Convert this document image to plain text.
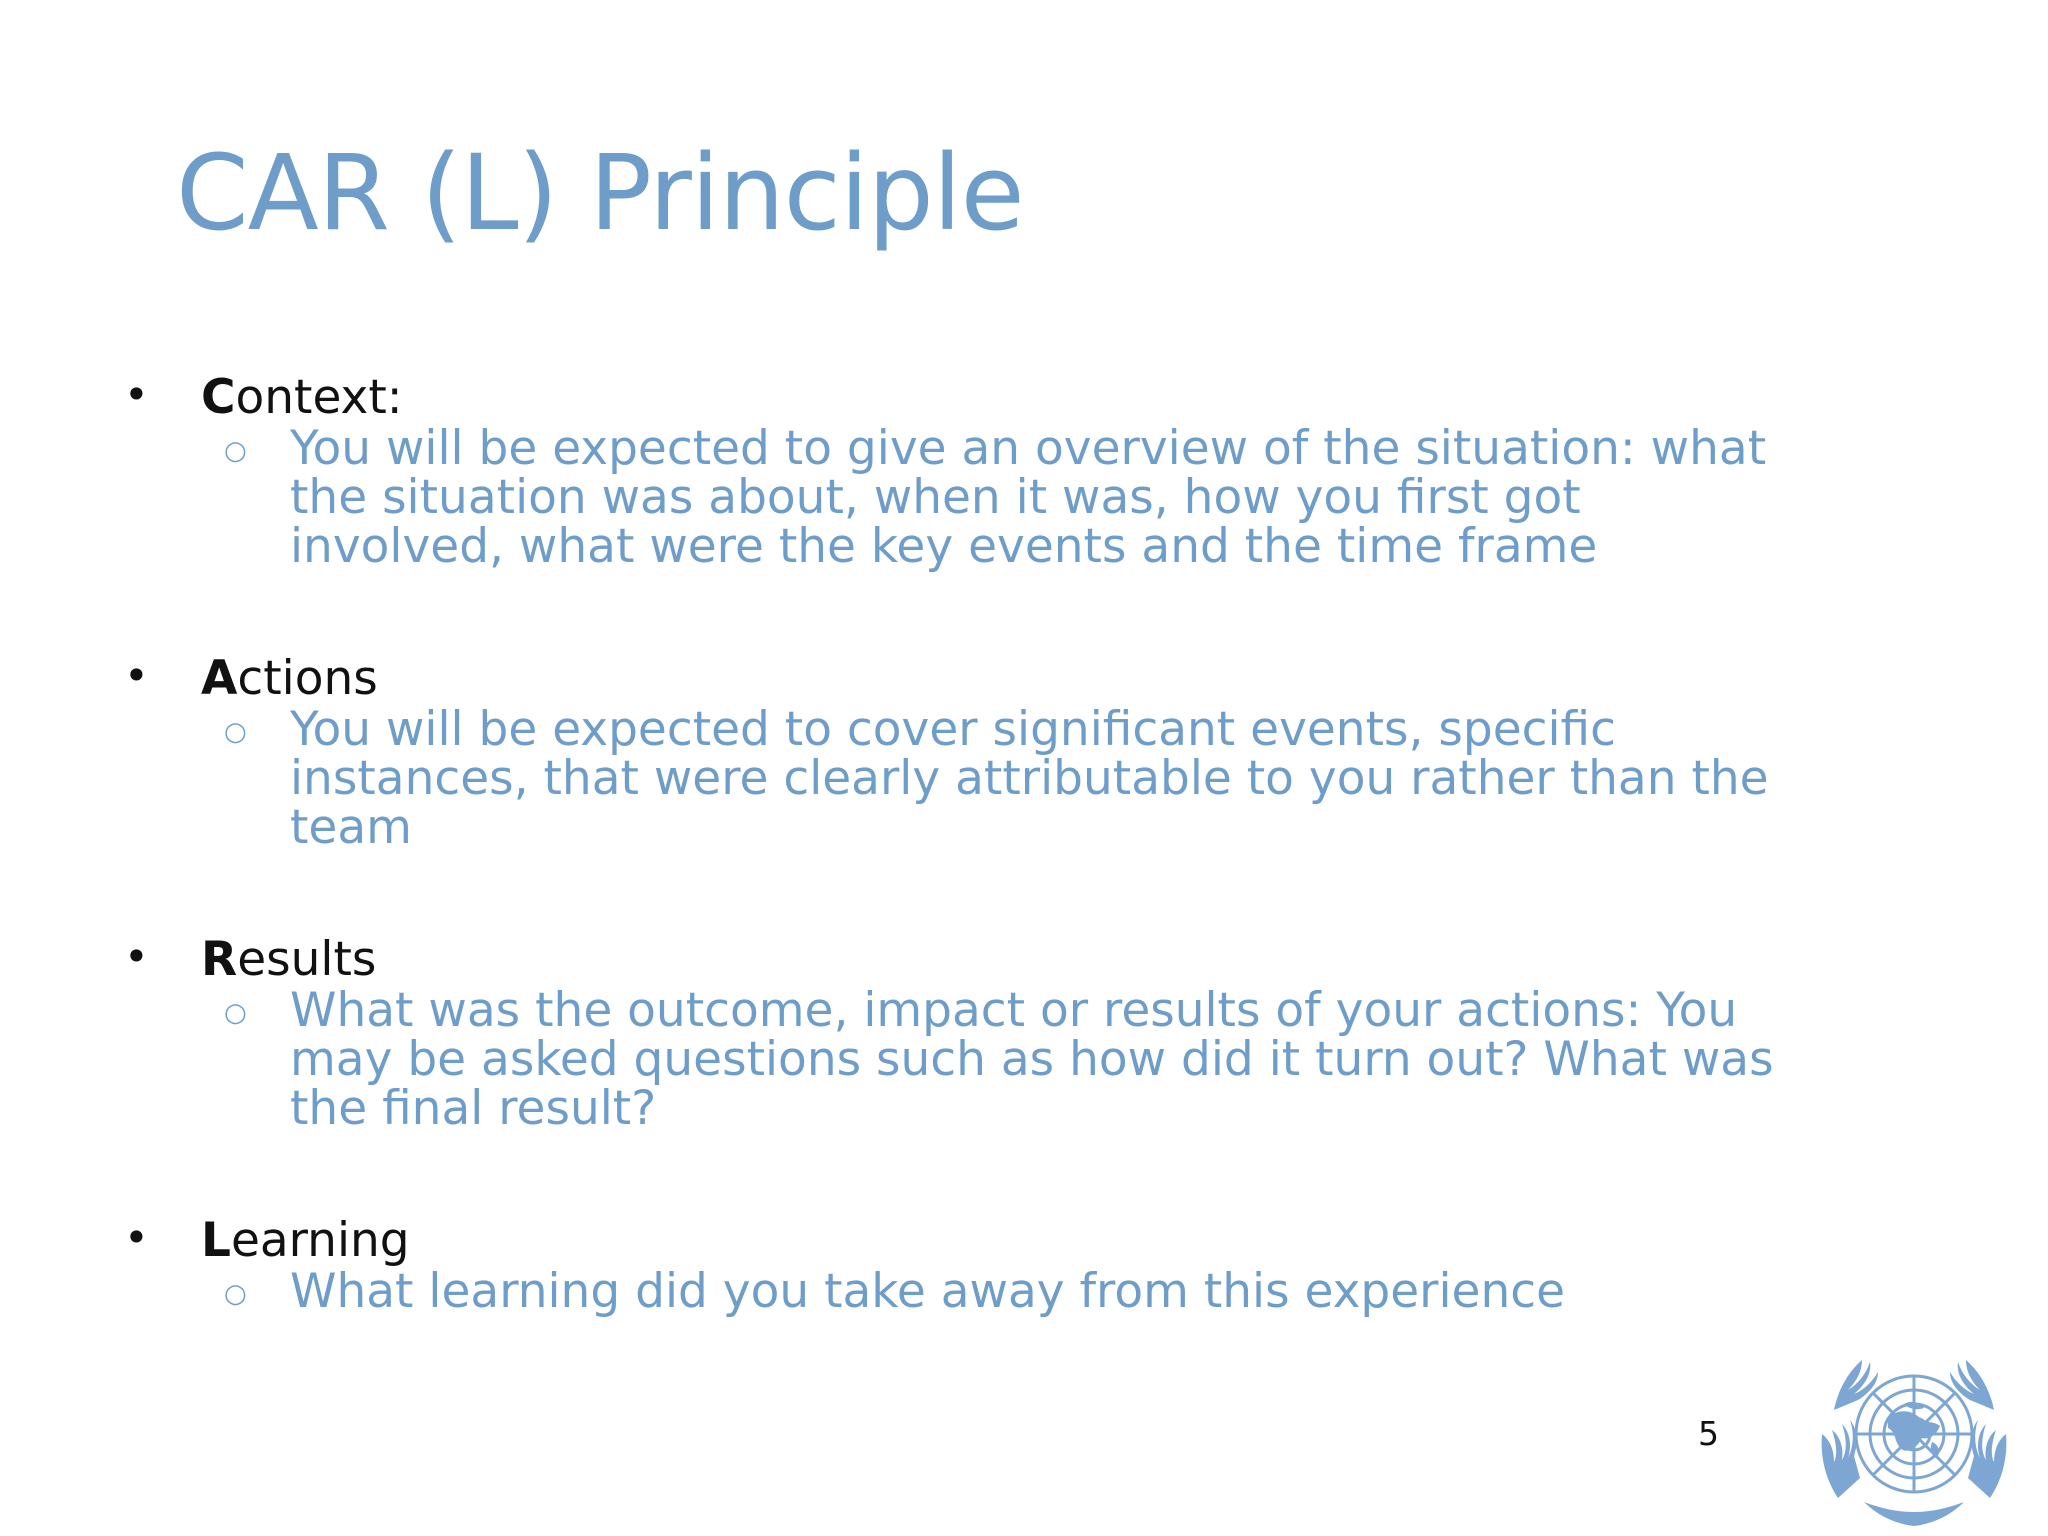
CAR (L) Principle
• Context:
○ You will be expected to give an overview of the situation: what the situation was about, when it was, how you first got involved, what were the key events and the time frame
• Actions
○ You will be expected to cover significant events, specific instances, that were clearly attributable to you rather than the team
• Results
○ What was the outcome, impact or results of your actions: You may be asked questions such as how did it turn out? What was the final result?
• Learning
○ What learning did you take away from this experience
5
